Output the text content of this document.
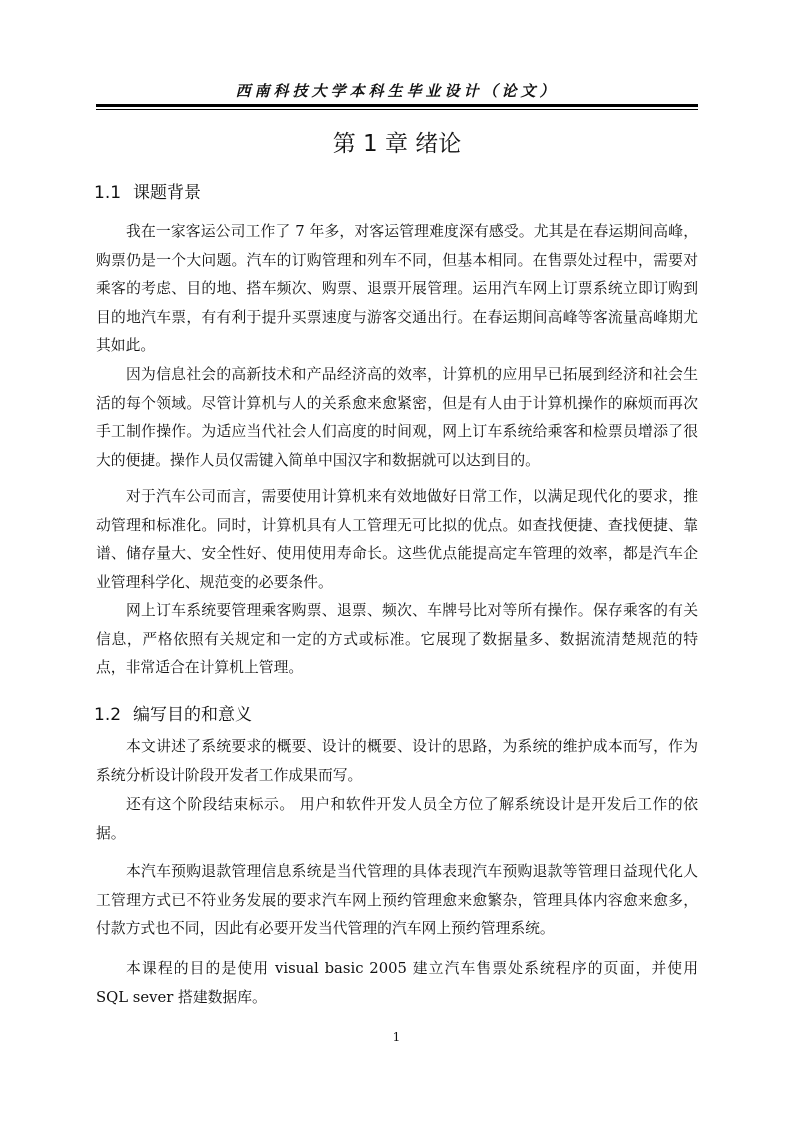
西南科技大学本科生毕业设计（论文）
第 1 章 绪论
1.1 课题背景

我在一家客运公司工作了 7 年多，对客运管理难度深有感受。尤其是在春运期间高峰，购票仍是一个大问题。汽车的订购管理和列车不同，但基本相同。在售票处过程中，需要对乘客的考虑、目的地、搭车频次、购票、退票开展管理。运用汽车网上订票系统立即订购到目的地汽车票，有有利于提升买票速度与游客交通出行。在春运期间高峰等客流量高峰期尤其如此。

因为信息社会的高新技术和产品经济高的效率，计算机的应用早已拓展到经济和社会生活的每个领域。尽管计算机与人的关系愈来愈紧密，但是有人由于计算机操作的麻烦而再次手工制作操作。为适应当代社会人们高度的时间观，网上订车系统给乘客和检票员增添了很大的便捷。操作人员仅需键入简单中国汉字和数据就可以达到目的。

对于汽车公司而言，需要使用计算机来有效地做好日常工作，以满足现代化的要求，推动管理和标准化。同时，计算机具有人工管理无可比拟的优点。如查找便捷、查找便捷、靠谱、储存量大、安全性好、使用使用寿命长。这些优点能提高定车管理的效率，都是汽车企业管理科学化、规范变的必要条件。

网上订车系统要管理乘客购票、退票、频次、车牌号比对等所有操作。保存乘客的有关信息，严格依照有关规定和一定的方式或标准。它展现了数据量多、数据流清楚规范的特点，非常适合在计算机上管理。

1.2 编写目的和意义

本文讲述了系统要求的概要、设计的概要、设计的思路，为系统的维护成本而写，作为系统分析设计阶段开发者工作成果而写。

还有这个阶段结束标示。 用户和软件开发人员全方位了解系统设计是开发后工作的依据。

本汽车预购退款管理信息系统是当代管理的具体表现汽车预购退款等管理日益现代化人工管理方式已不符业务发展的要求汽车网上预约管理愈来愈繁杂，管理具体内容愈来愈多，付款方式也不同，因此有必要开发当代管理的汽车网上预约管理系统。

本课程的目的是使用 visual basic 2005 建立汽车售票处系统程序的页面，并使用 SQL sever 搭建数据库。

1
